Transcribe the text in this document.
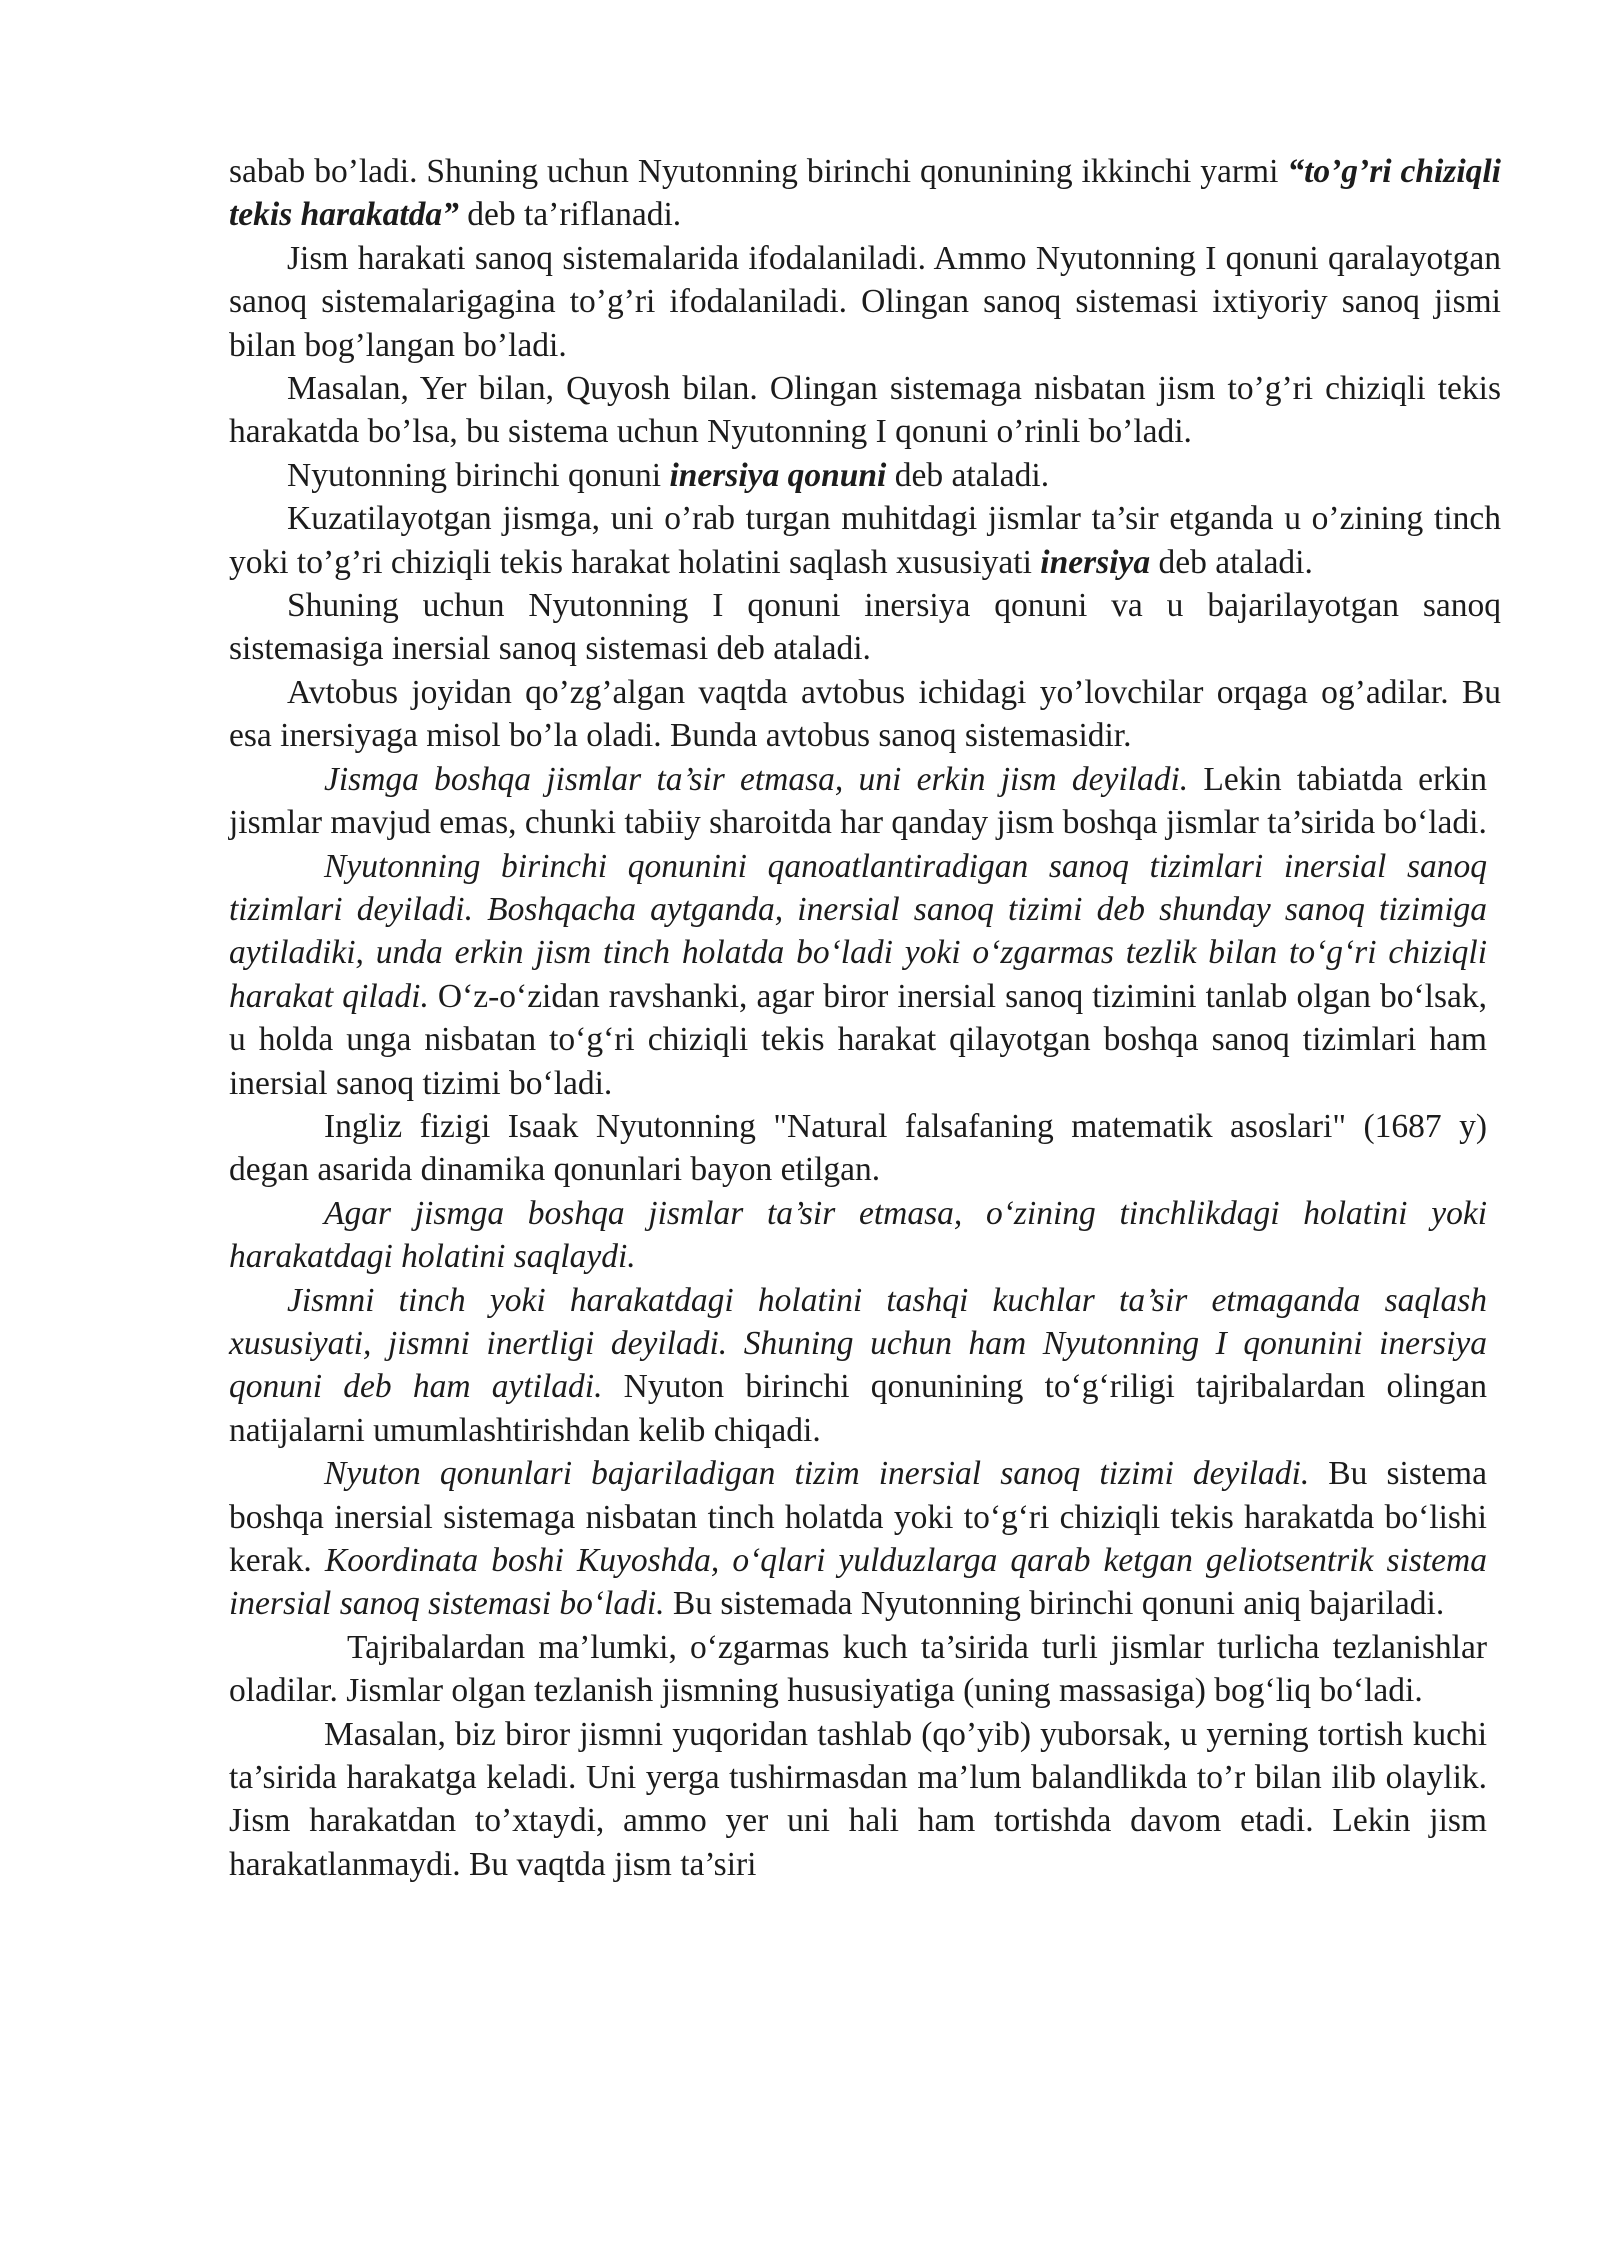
sabab bo’ladi. Shuning uchun Nyutonning birinchi qonunining ikkinchi yarmi “to’g’ri chiziqli tekis harakatda” deb ta’riflanadi.

Jism harakati sanoq sistemalarida ifodalaniladi. Ammo Nyutonning I qonuni qaralayotgan sanoq sistemalarigagina to’g’ri ifodalaniladi. Olingan sanoq sistemasi ixtiyoriy sanoq jismi bilan bog’langan bo’ladi.

Masalan, Yer bilan, Quyosh bilan. Olingan sistemaga nisbatan jism to’g’ri chiziqli tekis harakatda bo’lsa, bu sistema uchun Nyutonning I qonuni o’rinli bo’ladi.

Nyutonning birinchi qonuni inersiya qonuni deb ataladi.

Kuzatilayotgan jismga, uni o’rab turgan muhitdagi jismlar ta’sir etganda u o’zining tinch yoki to’g’ri chiziqli tekis harakat holatini saqlash xususiyati inersiya deb ataladi.

Shuning uchun Nyutonning I qonuni inersiya qonuni va u bajarilayotgan sanoq sistemasiga inersial sanoq sistemasi deb ataladi.

Avtobus joyidan qo’zg’algan vaqtda avtobus ichidagi yo’lovchilar orqaga og’adilar. Bu esa inersiyaga misol bo’la oladi. Bunda avtobus sanoq sistemasidir.

Jismga boshqa jismlar ta’sir etmasa, uni erkin jism deyiladi. Lekin tabiatda erkin jismlar mavjud emas, chunki tabiiy sharoitda har qanday jism boshqa jismlar ta’sirida bo‘ladi.

Nyutonning birinchi qonunini qanoatlantiradigan sanoq tizimlari inersial sanoq tizimlari deyiladi. Boshqacha aytganda, inersial sanoq tizimi deb shunday sanoq tizimiga aytiladiki, unda erkin jism tinch holatda bo‘ladi yoki o‘zgarmas tezlik bilan to‘g‘ri chiziqli harakat qiladi. O‘z-o‘zidan ravshanki, agar biror inersial sanoq tizimini tanlab olgan bo‘lsak, u holda unga nisbatan to‘g‘ri chiziqli tekis harakat qilayotgan boshqa sanoq tizimlari ham inersial sanoq tizimi bo‘ladi.

Ingliz fizigi Isaak Nyutonning "Natural falsafaning matematik asoslari" (1687 y) degan asarida dinamika qonunlari bayon etilgan.

Agar jismga boshqa jismlar ta’sir etmasa, o‘zining tinchlikdagi holatini yoki harakatdagi holatini saqlaydi.

Jismni tinch yoki harakatdagi holatini tashqi kuchlar ta’sir etmaganda saqlash xususiyati, jismni inertligi deyiladi. Shuning uchun ham Nyutonning I qonunini inersiya qonuni deb ham aytiladi. Nyuton birinchi qonunining to‘g‘riligi tajribalardan olingan natijalarni umumlashtirishdan kelib chiqadi.

Nyuton qonunlari bajariladigan tizim inersial sanoq tizimi deyiladi. Bu sistema boshqa inersial sistemaga nisbatan tinch holatda yoki to‘g‘ri chiziqli tekis harakatda bo‘lishi kerak. Koordinata boshi Kuyoshda, o‘qlari yulduzlarga qarab ketgan geliotsentrik sistema inersial sanoq sistemasi bo‘ladi. Bu sistemada Nyutonning birinchi qonuni aniq bajariladi.

Tajribalardan ma’lumki, o‘zgarmas kuch ta’sirida turli jismlar turlicha tezlanishlar oladilar. Jismlar olgan tezlanish jismning hususiyatiga (uning massasiga) bog‘liq bo‘ladi.

Masalan, biz biror jismni yuqoridan tashlab (qo’yib) yuborsak, u yerning tortish kuchi ta’sirida harakatga keladi. Uni yerga tushirmasdan ma’lum balandlikda to’r bilan ilib olaylik. Jism harakatdan to’xtaydi, ammo yer uni hali ham tortishda davom etadi. Lekin jism harakatlanmaydi. Bu vaqtda jism ta’siri
